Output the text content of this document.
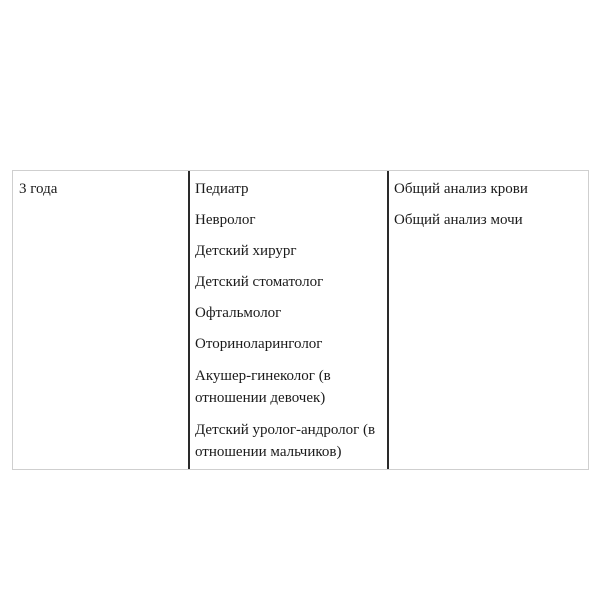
3 года	Педиатр
Невролог
Детский хирург
Детский стоматолог
Офтальмолог
Оториноларинголог
Акушер-гинеколог (в отношении девочек)
Детский уролог-андролог (в отношении мальчиков)
Общий анализ крови
Общий анализ мочи
